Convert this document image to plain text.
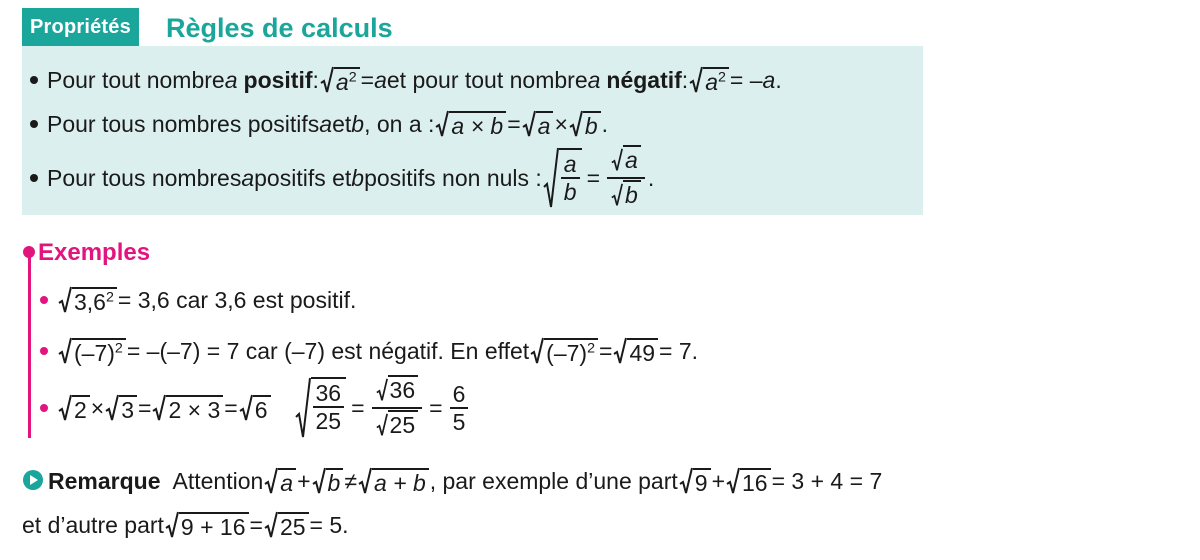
Propriétés Règles de calculs
Pour tout nombre a positif : $a^2 = a$ et pour tout nombre a négatif : $a^2$ = – a .
Pour tous nombres positifs a et b , on a : a × b = a × b .
Pour tous nombres a positifs et b positifs non nuls : $\frac{a}{b} = \frac{a}{b}$ .
Exemples
$3,6^2 = 3,6$ car 3,6 est positif.
$(-7)^2 = -(-7) = 7$ car (–7) est négatif. En effet $(-7)^2 = 49 = 7$.
$2 \times 3 = 2 \times 3 = 6 \frac{36}{25} = \frac{36}{25} = \frac{6}{5}$
Remarque Attention a + b ≠ a + b , par exemple d’une part 9 + 16 = 3 + 4 = 7
et d’autre part 9 + 16 = 25 = 5.
